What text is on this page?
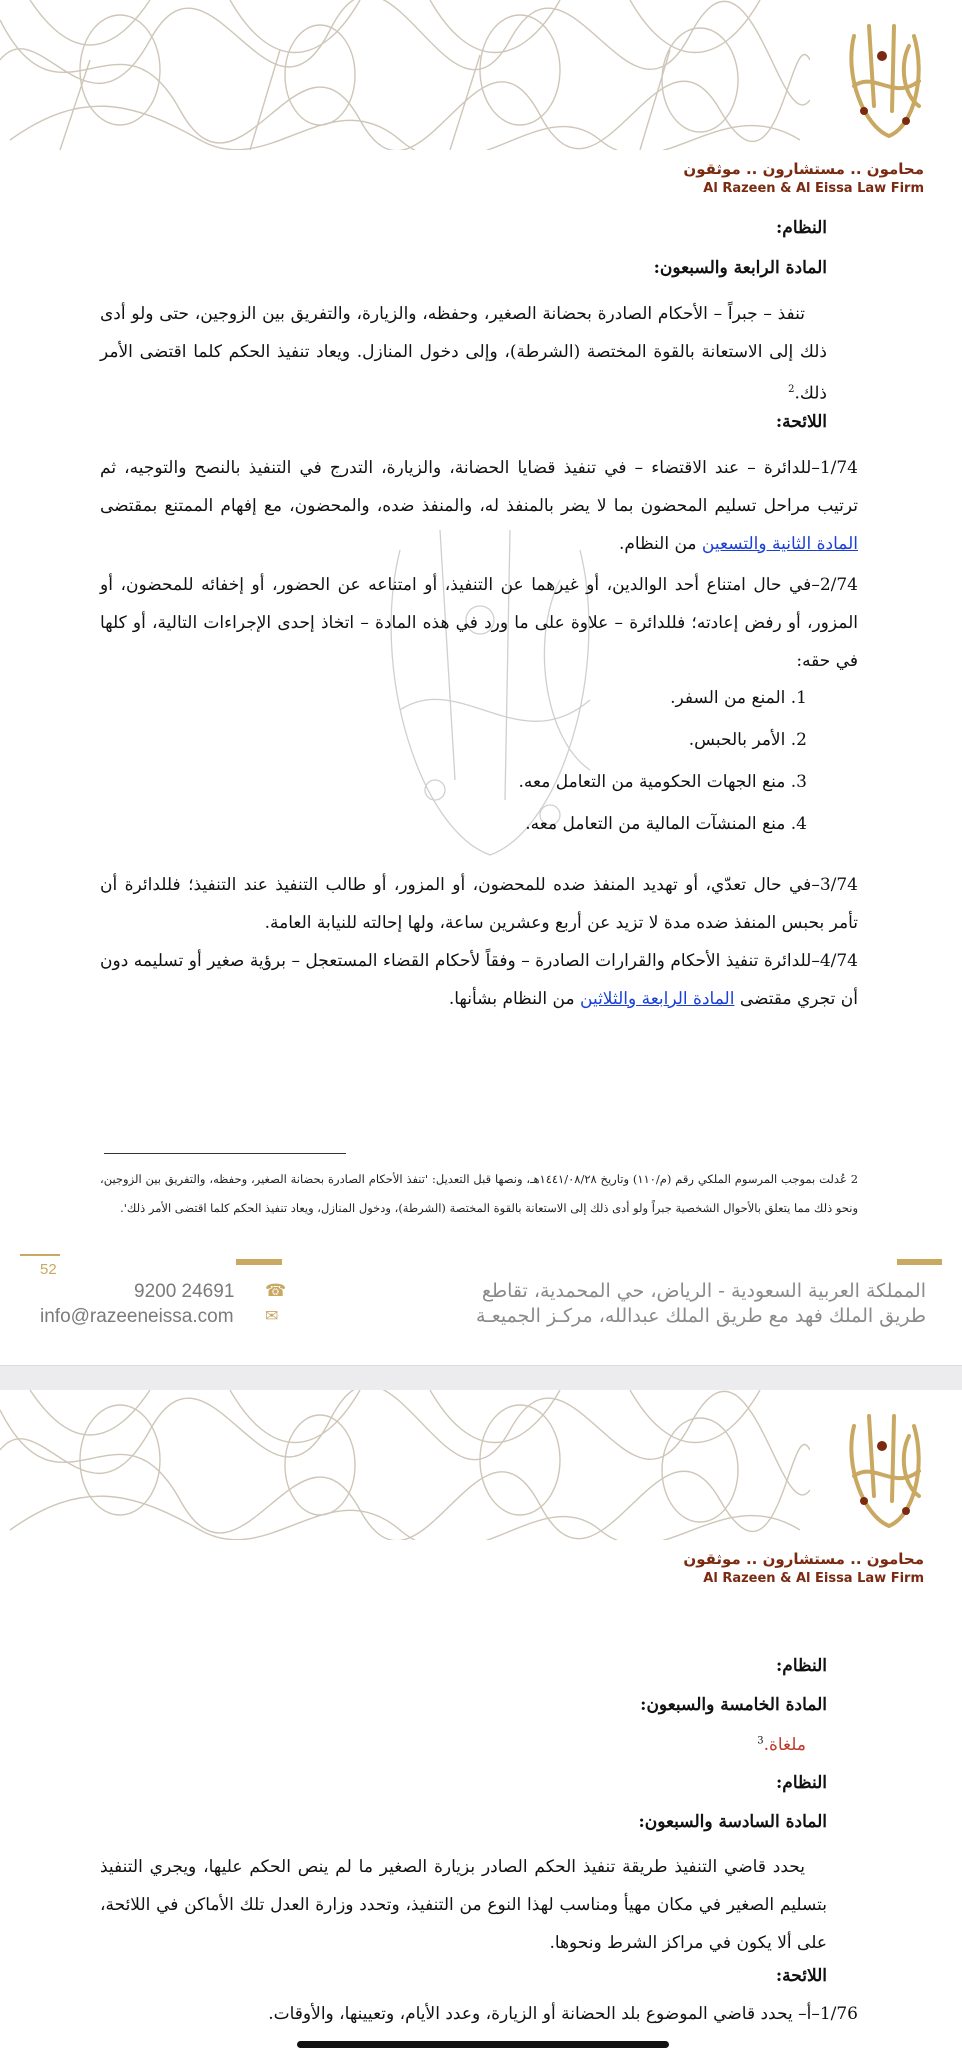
محامون .. مستشارون .. موثقون
Al Razeen & Al Eissa Law Firm
النظام:
المادة الرابعة والسبعون:
تنفذ – جبراً – الأحكام الصادرة بحضانة الصغير، وحفظه، والزيارة، والتفريق بين الزوجين، حتى ولو أدى ذلك إلى الاستعانة بالقوة المختصة (الشرطة)، وإلى دخول المنازل. ويعاد تنفيذ الحكم كلما اقتضى الأمر ذلك.$^2$
اللائحة:
1/74–للدائرة – عند الاقتضاء – في تنفيذ قضايا الحضانة، والزيارة، التدرج في التنفيذ بالنصح والتوجيه، ثم ترتيب مراحل تسليم المحضون بما لا يضر بالمنفذ له، والمنفذ ضده، والمحضون، مع إفهام الممتنع بمقتضى المادة الثانية والتسعين من النظام.
2/74–في حال امتناع أحد الوالدين، أو غيرهما عن التنفيذ، أو امتناعه عن الحضور، أو إخفائه للمحضون، أو المزور، أو رفض إعادته؛ فللدائرة – علاوة على ما ورد في هذه المادة – اتخاذ إحدى الإجراءات التالية، أو كلها في حقه:
1. المنع من السفر.
2. الأمر بالحبس.
3. منع الجهات الحكومية من التعامل معه.
4. منع المنشآت المالية من التعامل معه.
3/74–في حال تعدّي، أو تهديد المنفذ ضده للمحضون، أو المزور، أو طالب التنفيذ عند التنفيذ؛ فللدائرة أن تأمر بحبس المنفذ ضده مدة لا تزيد عن أربع وعشرين ساعة، ولها إحالته للنيابة العامة.
4/74–للدائرة تنفيذ الأحكام والقرارات الصادرة – وفقاً لأحكام القضاء المستعجل – برؤية صغير أو تسليمه دون أن تجري مقتضى المادة الرابعة والثلاثين من النظام بشأنها.
2 عُدلت بموجب المرسوم الملكي رقم (م/١١٠) وتاريخ ١٤٤١/٠٨/٢٨هـ، ونصها قبل التعديل: 'تنفذ الأحكام الصادرة بحضانة الصغير، وحفظه، والتفريق بين الزوجين، ونحو ذلك مما يتعلق بالأحوال الشخصية جبراً ولو أدى ذلك إلى الاستعانة بالقوة المختصة (الشرطة)، ودخول المنازل، ويعاد تنفيذ الحكم كلما اقتضى الأمر ذلك'.
52
المملكة العربية السعودية - الرياض، حي المحمدية، تقاطع
طريق الملك فهد مع طريق الملك عبدالله، مركـز الجميعـة
☎
✉
9200 24691
info@razeeneissa.com
محامون .. مستشارون .. موثقون
Al Razeen & Al Eissa Law Firm
النظام:
المادة الخامسة والسبعون:
ملغاة.$^3$
النظام:
المادة السادسة والسبعون:
يحدد قاضي التنفيذ طريقة تنفيذ الحكم الصادر بزيارة الصغير ما لم ينص الحكم عليها، ويجري التنفيذ بتسليم الصغير في مكان مهيأ ومناسب لهذا النوع من التنفيذ، وتحدد وزارة العدل تلك الأماكن في اللائحة، على ألا يكون في مراكز الشرط ونحوها.
اللائحة:
1/76–أ– يحدد قاضي الموضوع بلد الحضانة أو الزيارة، وعدد الأيام، وتعيينها، والأوقات.
